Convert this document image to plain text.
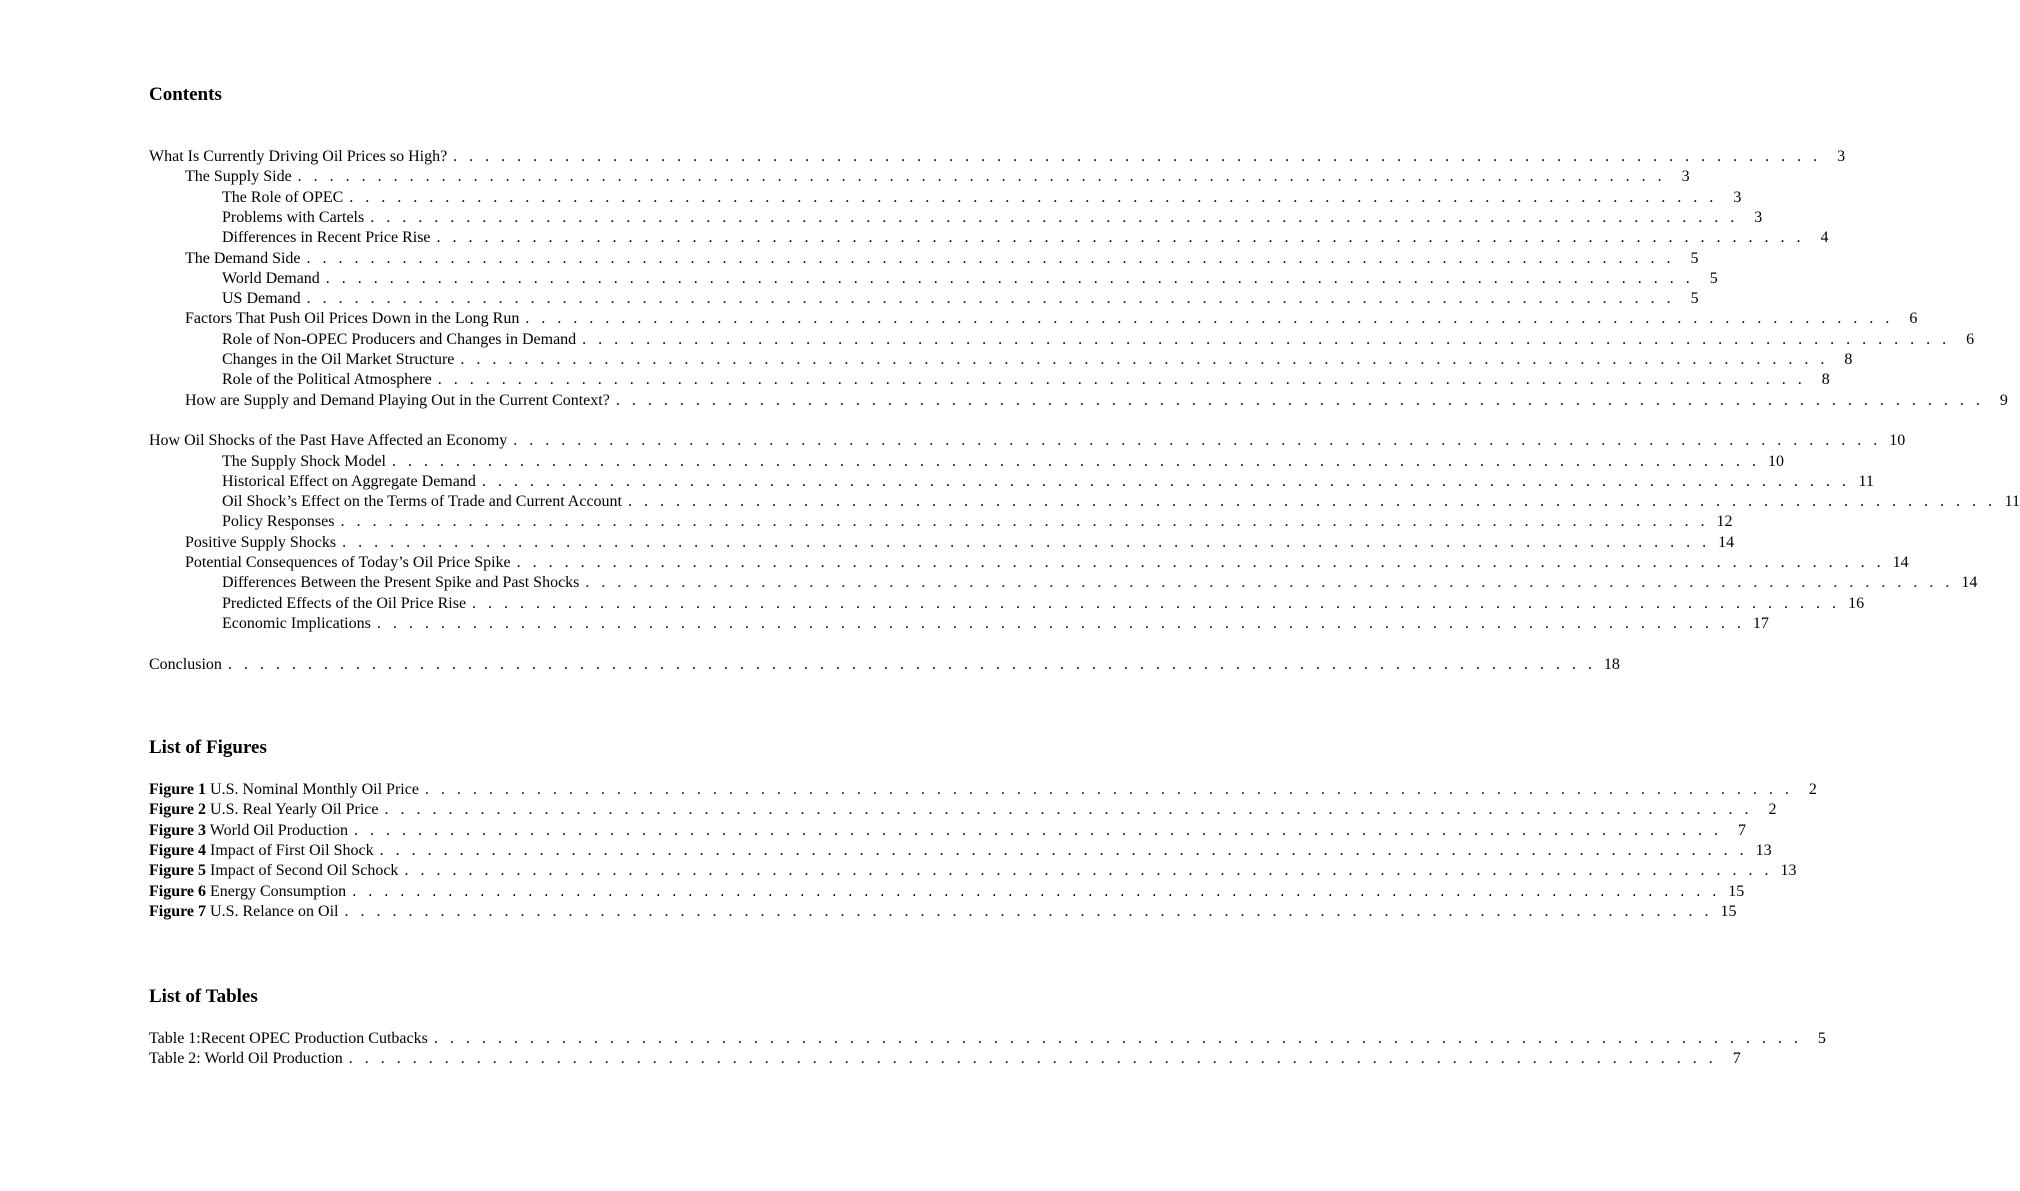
Contents
What Is Currently Driving Oil Prices so High? . . . . . . . . . . . . . . . . . . . . . . . . . . . . . . . . . . . . . . . . . . . . . . . . . . . . . . . . . . . . . . . . . . . . . . . . . . . . . . . . . . . . . .	3
The Supply Side . . . . . . . . . . . . . . . . . . . . . . . . . . . . . . . . . . . . . . . . . . . . . . . . . . . . . . . . . . . . . . . . . . . . . . . . . . . . . . . . . . . . . .	3
The Role of OPEC . . . . . . . . . . . . . . . . . . . . . . . . . . . . . . . . . . . . . . . . . . . . . . . . . . . . . . . . . . . . . . . . . . . . . . . . . . . . . . . . . . . . . .	3
Problems with Cartels . . . . . . . . . . . . . . . . . . . . . . . . . . . . . . . . . . . . . . . . . . . . . . . . . . . . . . . . . . . . . . . . . . . . . . . . . . . . . . . . . . . . . .	3
Differences in Recent Price Rise . . . . . . . . . . . . . . . . . . . . . . . . . . . . . . . . . . . . . . . . . . . . . . . . . . . . . . . . . . . . . . . . . . . . . . . . . . . . . . . . . . . . . .	4
The Demand Side . . . . . . . . . . . . . . . . . . . . . . . . . . . . . . . . . . . . . . . . . . . . . . . . . . . . . . . . . . . . . . . . . . . . . . . . . . . . . . . . . . . . . .	5
World Demand . . . . . . . . . . . . . . . . . . . . . . . . . . . . . . . . . . . . . . . . . . . . . . . . . . . . . . . . . . . . . . . . . . . . . . . . . . . . . . . . . . . . . .	5
US Demand . . . . . . . . . . . . . . . . . . . . . . . . . . . . . . . . . . . . . . . . . . . . . . . . . . . . . . . . . . . . . . . . . . . . . . . . . . . . . . . . . . . . . .	5
Factors That Push Oil Prices Down in the Long Run . . . . . . . . . . . . . . . . . . . . . . . . . . . . . . . . . . . . . . . . . . . . . . . . . . . . . . . . . . . . . . . . . . . . . . . . . . . . . . . . . . . . . .	6
Role of Non-OPEC Producers and Changes in Demand . . . . . . . . . . . . . . . . . . . . . . . . . . . . . . . . . . . . . . . . . . . . . . . . . . . . . . . . . . . . . . . . . . . . . . . . . . . . . . . . . . . . . .	6
Changes in the Oil Market Structure . . . . . . . . . . . . . . . . . . . . . . . . . . . . . . . . . . . . . . . . . . . . . . . . . . . . . . . . . . . . . . . . . . . . . . . . . . . . . . . . . . . . . .	8
Role of the Political Atmosphere . . . . . . . . . . . . . . . . . . . . . . . . . . . . . . . . . . . . . . . . . . . . . . . . . . . . . . . . . . . . . . . . . . . . . . . . . . . . . . . . . . . . . .	8
How are Supply and Demand Playing Out in the Current Context? . . . . . . . . . . . . . . . . . . . . . . . . . . . . . . . . . . . . . . . . . . . . . . . . . . . . . . . . . . . . . . . . . . . . . . . . . . . . . . . . . . . . . .	9
How Oil Shocks of the Past Have Affected an Economy . . . . . . . . . . . . . . . . . . . . . . . . . . . . . . . . . . . . . . . . . . . . . . . . . . . . . . . . . . . . . . . . . . . . . . . . . . . . . . . . . . . . . . 10
The Supply Shock Model . . . . . . . . . . . . . . . . . . . . . . . . . . . . . . . . . . . . . . . . . . . . . . . . . . . . . . . . . . . . . . . . . . . . . . . . . . . . . . . . . . . . . . 10
Historical Effect on Aggregate Demand . . . . . . . . . . . . . . . . . . . . . . . . . . . . . . . . . . . . . . . . . . . . . . . . . . . . . . . . . . . . . . . . . . . . . . . . . . . . . . . . . . . . . . 11
Oil Shock’s Effect on the Terms of Trade and Current Account . . . . . . . . . . . . . . . . . . . . . . . . . . . . . . . . . . . . . . . . . . . . . . . . . . . . . . . . . . . . . . . . . . . . . . . . . . . . . . . . . . . . . . 11
Policy Responses . . . . . . . . . . . . . . . . . . . . . . . . . . . . . . . . . . . . . . . . . . . . . . . . . . . . . . . . . . . . . . . . . . . . . . . . . . . . . . . . . . . . . . 12
Positive Supply Shocks . . . . . . . . . . . . . . . . . . . . . . . . . . . . . . . . . . . . . . . . . . . . . . . . . . . . . . . . . . . . . . . . . . . . . . . . . . . . . . . . . . . . . . 14
Potential Consequences of Today’s Oil Price Spike . . . . . . . . . . . . . . . . . . . . . . . . . . . . . . . . . . . . . . . . . . . . . . . . . . . . . . . . . . . . . . . . . . . . . . . . . . . . . . . . . . . . . . 14
Differences Between the Present Spike and Past Shocks . . . . . . . . . . . . . . . . . . . . . . . . . . . . . . . . . . . . . . . . . . . . . . . . . . . . . . . . . . . . . . . . . . . . . . . . . . . . . . . . . . . . . . 14
Predicted Effects of the Oil Price Rise . . . . . . . . . . . . . . . . . . . . . . . . . . . . . . . . . . . . . . . . . . . . . . . . . . . . . . . . . . . . . . . . . . . . . . . . . . . . . . . . . . . . . . 16
Economic Implications . . . . . . . . . . . . . . . . . . . . . . . . . . . . . . . . . . . . . . . . . . . . . . . . . . . . . . . . . . . . . . . . . . . . . . . . . . . . . . . . . . . . . . 17
Conclusion . . . . . . . . . . . . . . . . . . . . . . . . . . . . . . . . . . . . . . . . . . . . . . . . . . . . . . . . . . . . . . . . . . . . . . . . . . . . . . . . . . . . . . 18
List of Figures
Figure 1 U.S. Nominal Monthly Oil Price . . . . . . . . . . . . . . . . . . . . . . . . . . . . . . . . . . . . . . . . . . . . . . . . . . . . . . . . . . . . . . . . . . . . . . . . . . . . . . . . . . . . . .	2
Figure 2 U.S. Real Yearly Oil Price . . . . . . . . . . . . . . . . . . . . . . . . . . . . . . . . . . . . . . . . . . . . . . . . . . . . . . . . . . . . . . . . . . . . . . . . . . . . . . . . . . . . . .	2
Figure 3 World Oil Production . . . . . . . . . . . . . . . . . . . . . . . . . . . . . . . . . . . . . . . . . . . . . . . . . . . . . . . . . . . . . . . . . . . . . . . . . . . . . . . . . . . . . .	7
Figure 4 Impact of First Oil Shock . . . . . . . . . . . . . . . . . . . . . . . . . . . . . . . . . . . . . . . . . . . . . . . . . . . . . . . . . . . . . . . . . . . . . . . . . . . . . . . . . . . . . . 13
Figure 5 Impact of Second Oil Schock . . . . . . . . . . . . . . . . . . . . . . . . . . . . . . . . . . . . . . . . . . . . . . . . . . . . . . . . . . . . . . . . . . . . . . . . . . . . . . . . . . . . . . 13
Figure 6 Energy Consumption . . . . . . . . . . . . . . . . . . . . . . . . . . . . . . . . . . . . . . . . . . . . . . . . . . . . . . . . . . . . . . . . . . . . . . . . . . . . . . . . . . . . . . 15
Figure 7 U.S. Relance on Oil . . . . . . . . . . . . . . . . . . . . . . . . . . . . . . . . . . . . . . . . . . . . . . . . . . . . . . . . . . . . . . . . . . . . . . . . . . . . . . . . . . . . . . 15
List of Tables
Table 1:Recent OPEC Production Cutbacks . . . . . . . . . . . . . . . . . . . . . . . . . . . . . . . . . . . . . . . . . . . . . . . . . . . . . . . . . . . . . . . . . . . . . . . . . . . . . . . . . . . . . .	5
Table 2: World Oil Production . . . . . . . . . . . . . . . . . . . . . . . . . . . . . . . . . . . . . . . . . . . . . . . . . . . . . . . . . . . . . . . . . . . . . . . . . . . . . . . . . . . . . .	7
